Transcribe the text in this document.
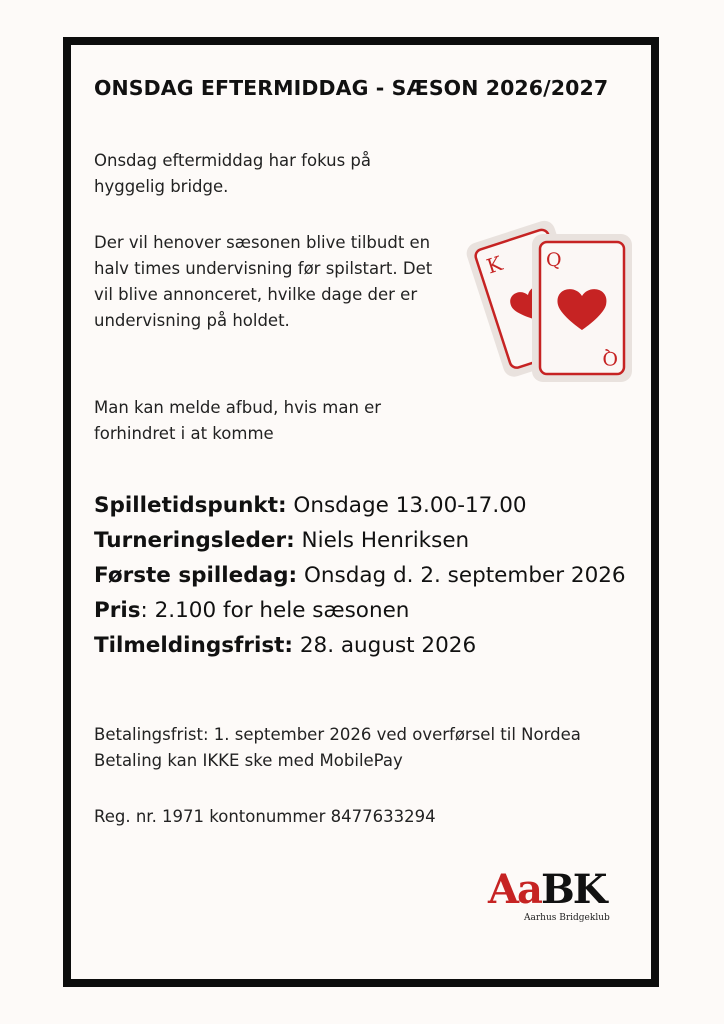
ONSDAG EFTERMIDDAG - SÆSON 2026/2027
Onsdag eftermiddag har fokus på hyggelig bridge.
Der vil henover sæsonen blive tilbudt en halv times undervisning før spilstart. Det vil blive annonceret, hvilke dage der er undervisning på holdet.
Man kan melde afbud, hvis man er forhindret i at komme
K Q
Q
Spilletidspunkt: Onsdage 13.00-17.00
Turneringsleder: Niels Henriksen
Første spilledag: Onsdag d. 2. september 2026
Pris: 2.100 for hele sæsonen
Tilmeldingsfrist: 28. august 2026
Betalingsfrist: 1. september 2026 ved overførsel til Nordea
Betaling kan IKKE ske med MobilePay
Reg. nr. 1971 kontonummer 8477633294
AaBK
Aarhus Bridgeklub
